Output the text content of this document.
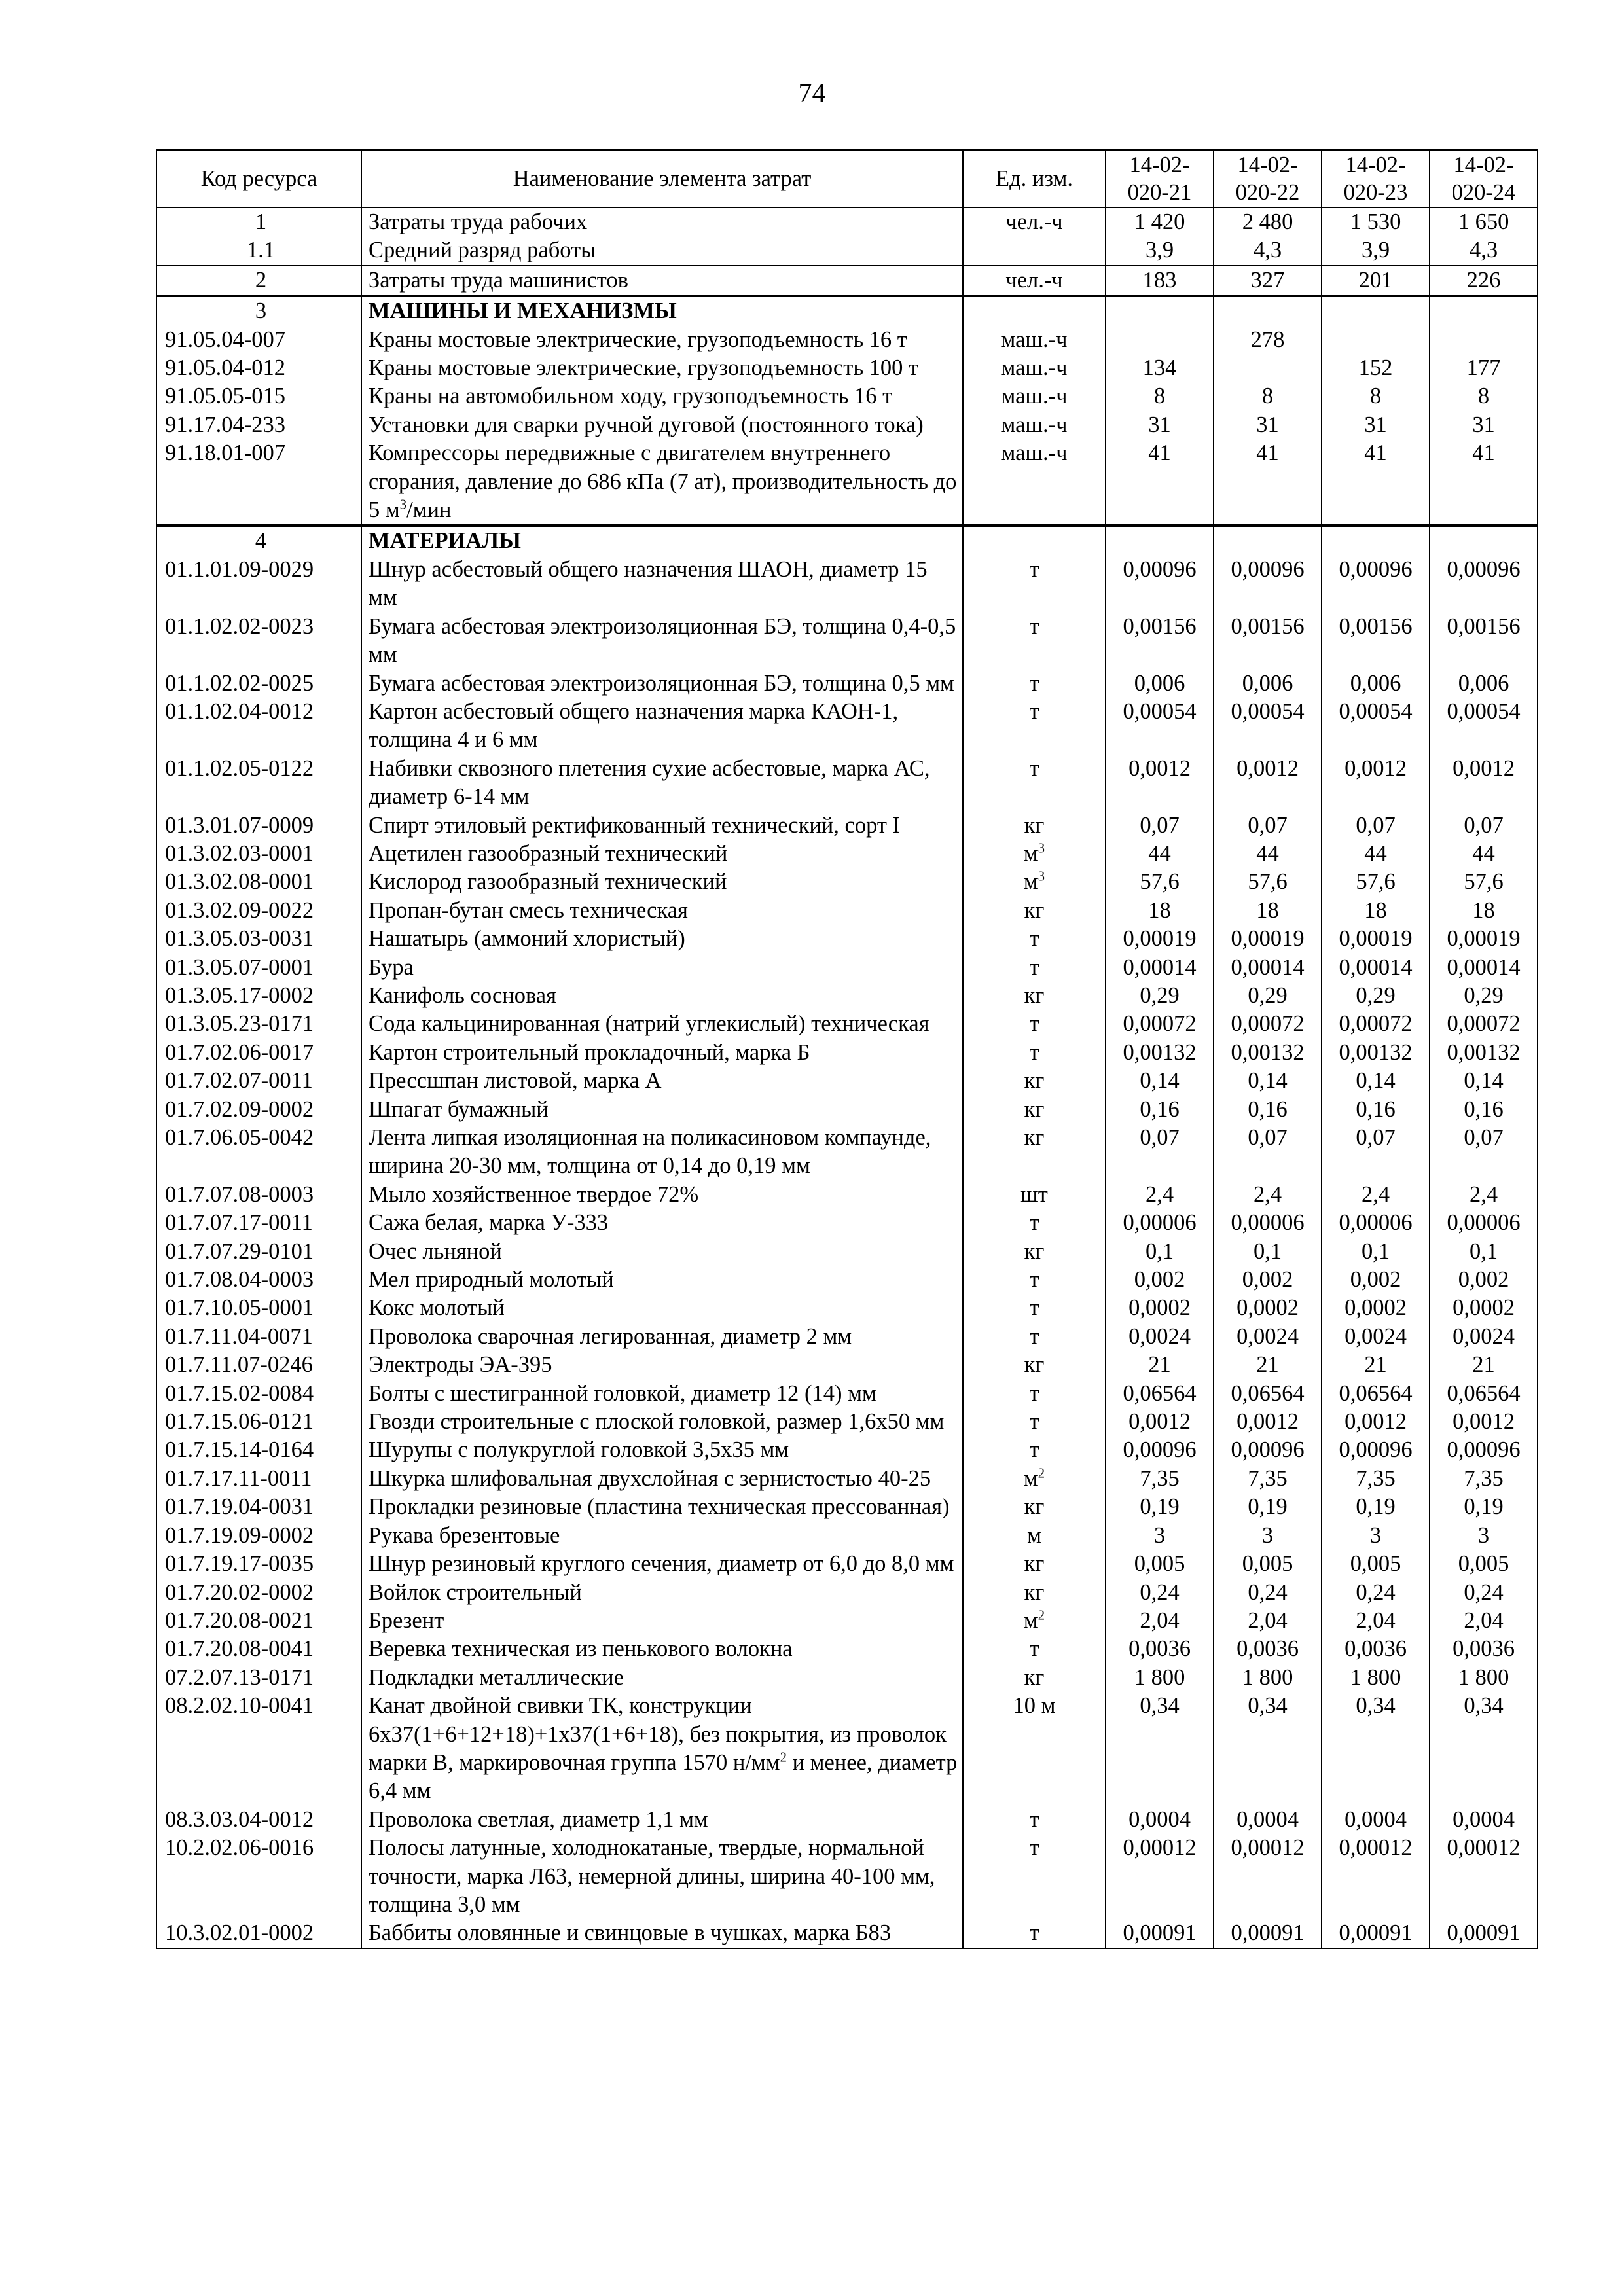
74
Код ресурса	Наименование элемента затрат	Ед. изм.	14-02-020-21	14-02-020-22	14-02-020-23	14-02-020-24
1	Затраты труда рабочих	чел.-ч	1 420	2 480	1 530	1 650
1.1	Средний разряд работы		3,9	4,3	3,9	4,3
2	Затраты труда машинистов	чел.-ч	183	327	201	226
3	МАШИНЫ И МЕХАНИЗМЫ					
91.05.04-007	Краны мостовые электрические, грузоподъемность 16 т	маш.-ч		278		
91.05.04-012	Краны мостовые электрические, грузоподъемность 100 т	маш.-ч	134		152	177
91.05.05-015	Краны на автомобильном ходу, грузоподъемность 16 т	маш.-ч	8	8	8	8
91.17.04-233	Установки для сварки ручной дуговой (постоянного тока)	маш.-ч	31	31	31	31
91.18.01-007	Компрессоры передвижные с двигателем внутреннего сгорания, давление до 686 кПа (7 ат), производительность до 5 $м^3$/мин	маш.-ч	41	41	41	41
4	МАТЕРИАЛЫ					
01.1.01.09-0029	Шнур асбестовый общего назначения ШАОН, диаметр 15 мм	т	0,00096	0,00096	0,00096	0,00096
01.1.02.02-0023	Бумага асбестовая электроизоляционная БЭ, толщина 0,4-0,5 мм	т	0,00156	0,00156	0,00156	0,00156
01.1.02.02-0025	Бумага асбестовая электроизоляционная БЭ, толщина 0,5 мм	т	0,006	0,006	0,006	0,006
01.1.02.04-0012	Картон асбестовый общего назначения марка КАОН-1, толщина 4 и 6 мм	т	0,00054	0,00054	0,00054	0,00054
01.1.02.05-0122	Набивки сквозного плетения сухие асбестовые, марка АС, диаметр 6-14 мм	т	0,0012	0,0012	0,0012	0,0012
01.3.01.07-0009	Спирт этиловый ректификованный технический, сорт I	кг	0,07	0,07	0,07	0,07
01.3.02.03-0001	Ацетилен газообразный технический	$м^3$	44	44	44	44
01.3.02.08-0001	Кислород газообразный технический	$м^3$	57,6	57,6	57,6	57,6
01.3.02.09-0022	Пропан-бутан смесь техническая	кг	18	18	18	18
01.3.05.03-0031	Нашатырь (аммоний хлористый)	т	0,00019	0,00019	0,00019	0,00019
01.3.05.07-0001	Бура	т	0,00014	0,00014	0,00014	0,00014
01.3.05.17-0002	Канифоль сосновая	кг	0,29	0,29	0,29	0,29
01.3.05.23-0171	Сода кальцинированная (натрий углекислый) техническая	т	0,00072	0,00072	0,00072	0,00072
01.7.02.06-0017	Картон строительный прокладочный, марка Б	т	0,00132	0,00132	0,00132	0,00132
01.7.02.07-0011	Прессшпан листовой, марка А	кг	0,14	0,14	0,14	0,14
01.7.02.09-0002	Шпагат бумажный	кг	0,16	0,16	0,16	0,16
01.7.06.05-0042	Лента липкая изоляционная на поликасиновом компаунде, ширина 20-30 мм, толщина от 0,14 до 0,19 мм	кг	0,07	0,07	0,07	0,07
01.7.07.08-0003	Мыло хозяйственное твердое 72%	шт	2,4	2,4	2,4	2,4
01.7.07.17-0011	Сажа белая, марка У-333	т	0,00006	0,00006	0,00006	0,00006
01.7.07.29-0101	Очес льняной	кг	0,1	0,1	0,1	0,1
01.7.08.04-0003	Мел природный молотый	т	0,002	0,002	0,002	0,002
01.7.10.05-0001	Кокс молотый	т	0,0002	0,0002	0,0002	0,0002
01.7.11.04-0071	Проволока сварочная легированная, диаметр 2 мм	т	0,0024	0,0024	0,0024	0,0024
01.7.11.07-0246	Электроды ЭА-395	кг	21	21	21	21
01.7.15.02-0084	Болты с шестигранной головкой, диаметр 12 (14) мм	т	0,06564	0,06564	0,06564	0,06564
01.7.15.06-0121	Гвозди строительные с плоской головкой, размер 1,6х50 мм	т	0,0012	0,0012	0,0012	0,0012
01.7.15.14-0164	Шурупы с полукруглой головкой 3,5х35 мм	т	0,00096	0,00096	0,00096	0,00096
01.7.17.11-0011	Шкурка шлифовальная двухслойная с зернистостью 40-25	$м^2$	7,35	7,35	7,35	7,35
01.7.19.04-0031	Прокладки резиновые (пластина техническая прессованная)	кг	0,19	0,19	0,19	0,19
01.7.19.09-0002	Рукава брезентовые	м	3	3	3	3
01.7.19.17-0035	Шнур резиновый круглого сечения, диаметр от 6,0 до 8,0 мм	кг	0,005	0,005	0,005	0,005
01.7.20.02-0002	Войлок строительный	кг	0,24	0,24	0,24	0,24
01.7.20.08-0021	Брезент	$м^2$	2,04	2,04	2,04	2,04
01.7.20.08-0041	Веревка техническая из пенькового волокна	т	0,0036	0,0036	0,0036	0,0036
07.2.07.13-0171	Подкладки металлические	кг	1 800	1 800	1 800	1 800
08.2.02.10-0041	Канат двойной свивки ТК, конструкции 6х37(1+6+12+18)+1х37(1+6+18), без покрытия, из проволок марки В, маркировочная группа 1570 $н/мм^2$ и менее, диаметр 6,4 мм	10 м	0,34	0,34	0,34	0,34
08.3.03.04-0012	Проволока светлая, диаметр 1,1 мм	т	0,0004	0,0004	0,0004	0,0004
10.2.02.06-0016	Полосы латунные, холоднокатаные, твердые, нормальной точности, марка Л63, немерной длины, ширина 40-100 мм, толщина 3,0 мм	т	0,00012	0,00012	0,00012	0,00012
10.3.02.01-0002	Баббиты оловянные и свинцовые в чушках, марка Б83	т	0,00091	0,00091	0,00091	0,00091
